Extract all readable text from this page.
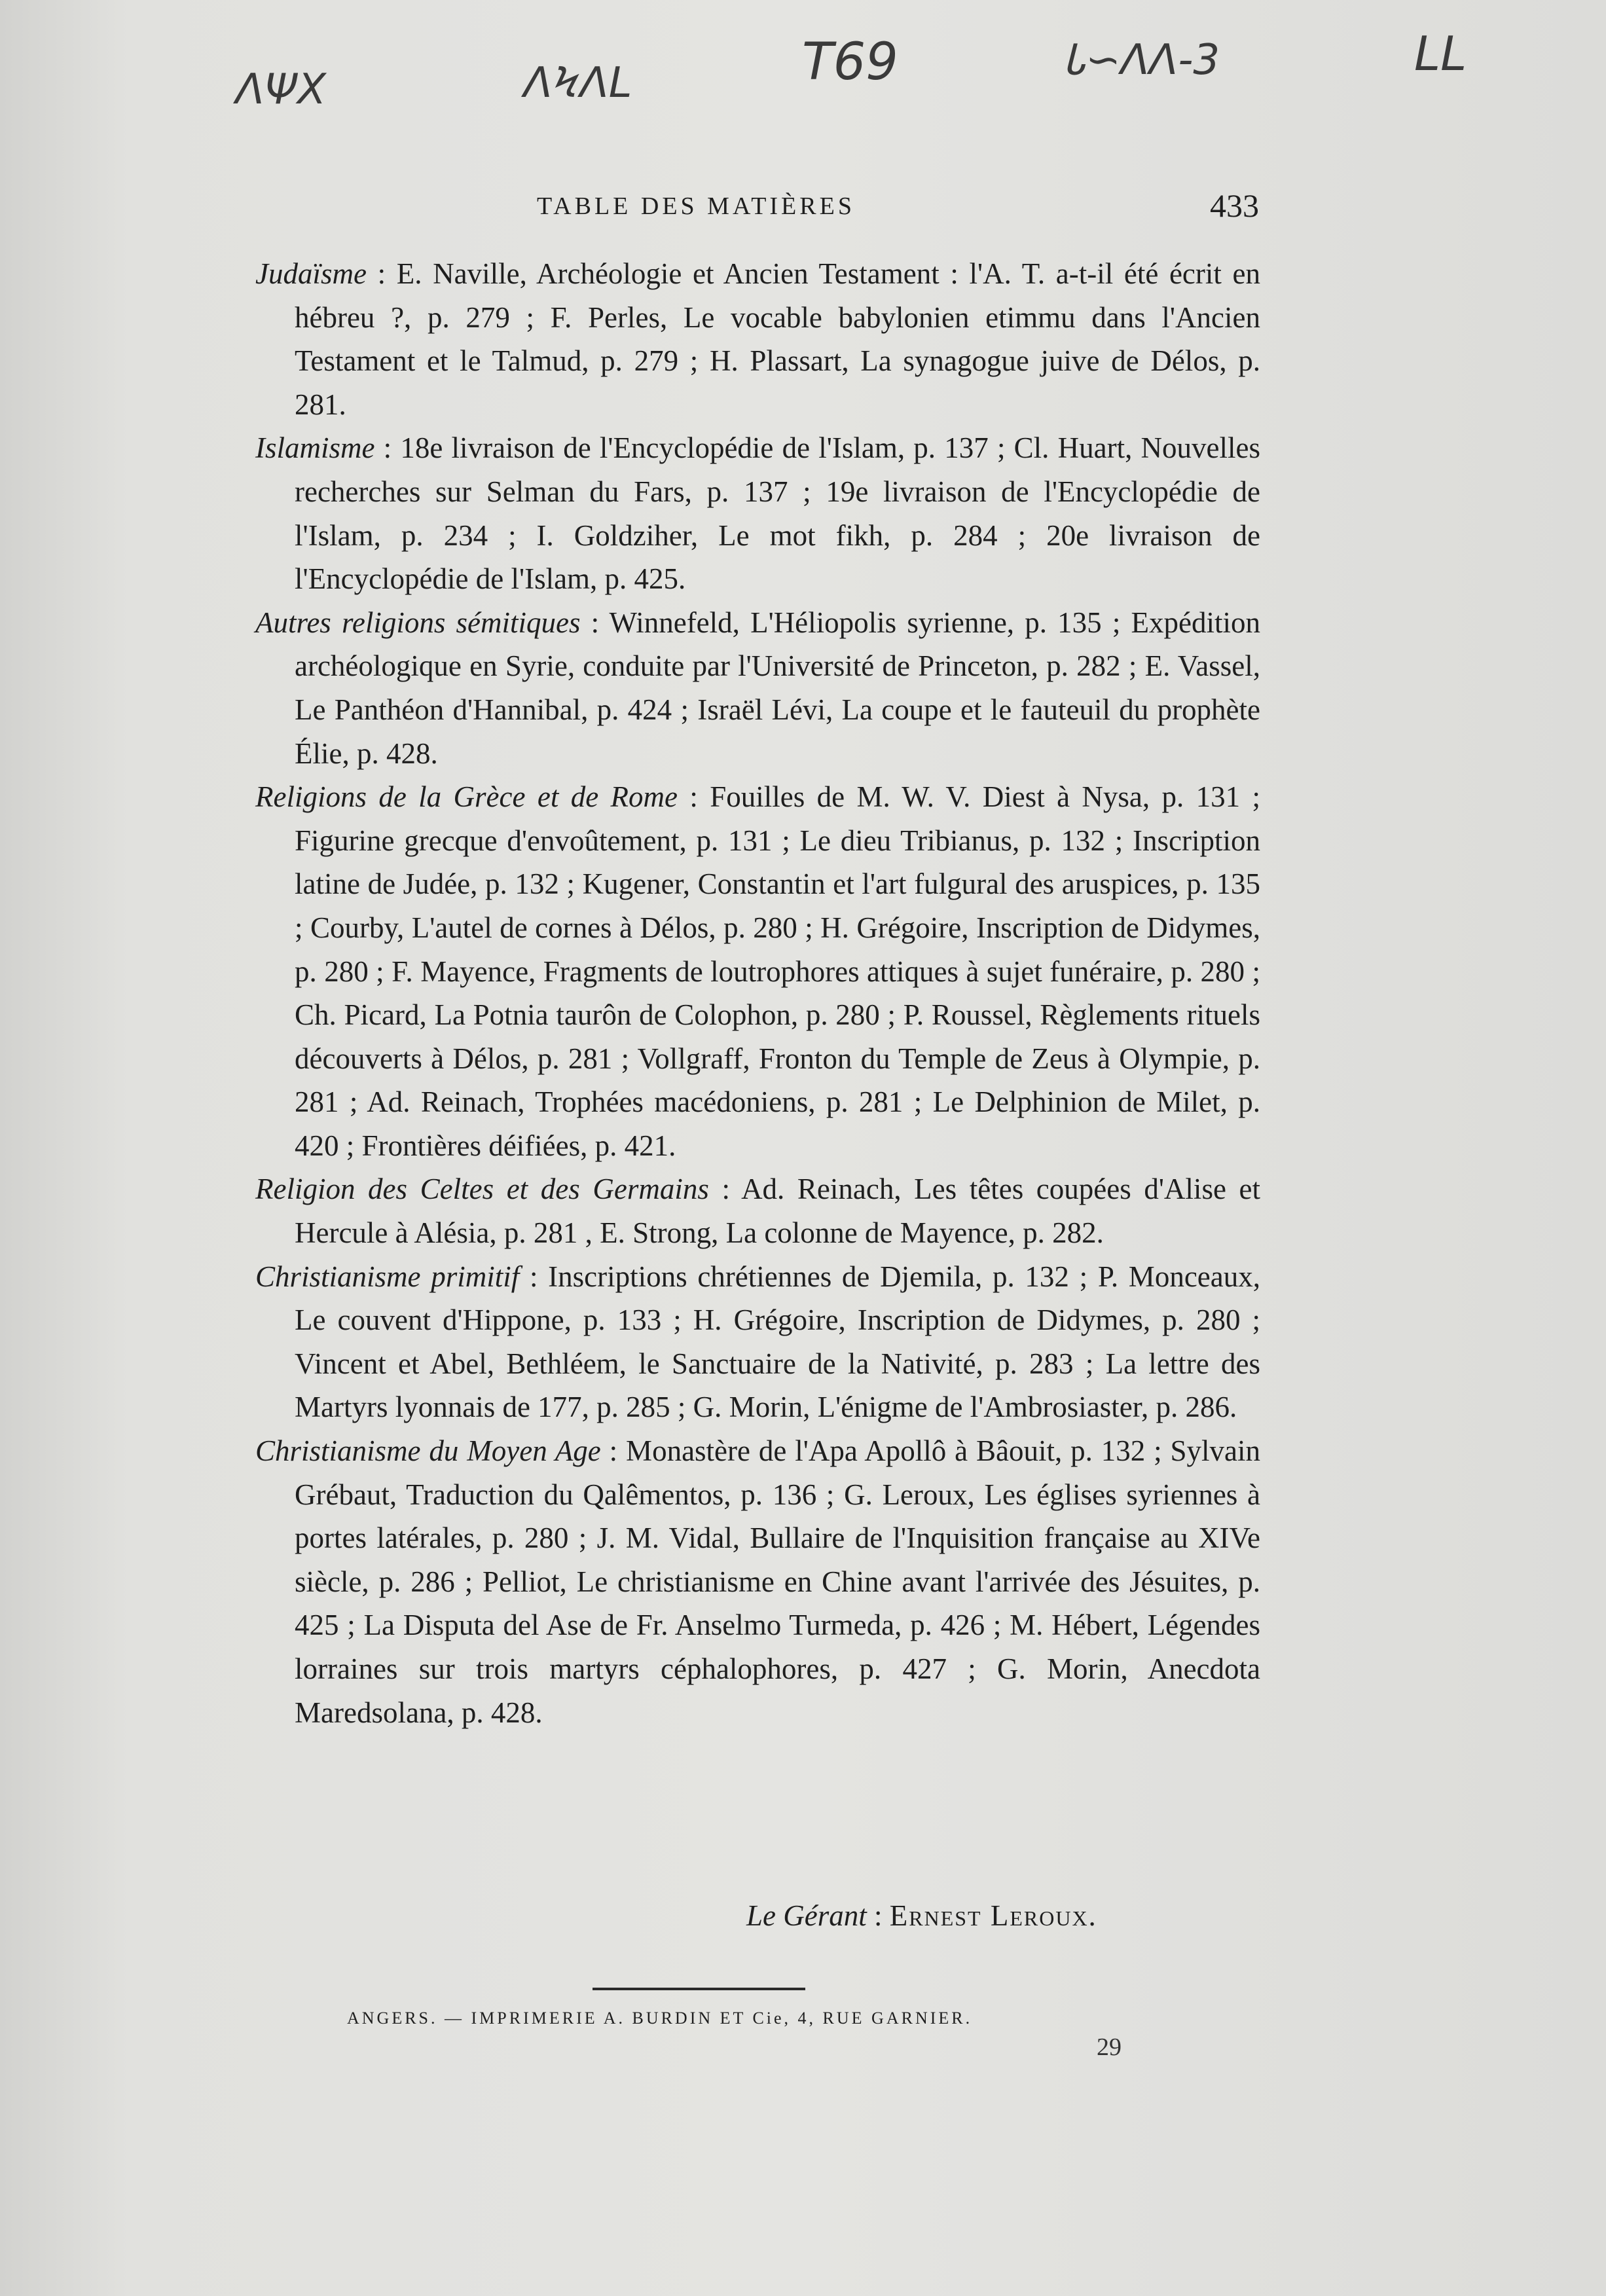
ΛΨΧ	ΛϞΛL	T69	Ꮣ∽ΛΛ-3	LL
TABLE DES MATIÈRES	433

Judaïsme : E. Naville, Archéologie et Ancien Testament : l'A. T. a-t-il été écrit en hébreu ?, p. 279 ; F. Perles, Le vocable babylonien etimmu dans l'Ancien Testament et le Talmud, p. 279 ; H. Plassart, La synagogue juive de Délos, p. 281.

Islamisme : 18e livraison de l'Encyclopédie de l'Islam, p. 137 ; Cl. Huart, Nouvelles recherches sur Selman du Fars, p. 137 ; 19e livraison de l'Encyclopédie de l'Islam, p. 234 ; I. Goldziher, Le mot fikh, p. 284 ; 20e livraison de l'Encyclopédie de l'Islam, p. 425.

Autres religions sémitiques : Winnefeld, L'Héliopolis syrienne, p. 135 ; Expédition archéologique en Syrie, conduite par l'Université de Princeton, p. 282 ; E. Vassel, Le Panthéon d'Hannibal, p. 424 ; Israël Lévi, La coupe et le fauteuil du prophète Élie, p. 428.

Religions de la Grèce et de Rome : Fouilles de M. W. V. Diest à Nysa, p. 131 ; Figurine grecque d'envoûtement, p. 131 ; Le dieu Tribianus, p. 132 ; Inscription latine de Judée, p. 132 ; Kugener, Constantin et l'art fulgural des aruspices, p. 135 ; Courby, L'autel de cornes à Délos, p. 280 ; H. Grégoire, Inscription de Didymes, p. 280 ; F. Mayence, Fragments de loutrophores attiques à sujet funéraire, p. 280 ; Ch. Picard, La Potnia taurôn de Colophon, p. 280 ; P. Roussel, Règlements rituels découverts à Délos, p. 281 ; Vollgraff, Fronton du Temple de Zeus à Olympie, p. 281 ; Ad. Reinach, Trophées macédoniens, p. 281 ; Le Delphinion de Milet, p. 420 ; Frontières déifiées, p. 421.

Religion des Celtes et des Germains : Ad. Reinach, Les têtes coupées d'Alise et Hercule à Alésia, p. 281 , E. Strong, La colonne de Mayence, p. 282.

Christianisme primitif : Inscriptions chrétiennes de Djemila, p. 132 ; P. Monceaux, Le couvent d'Hippone, p. 133 ; H. Grégoire, Inscription de Didymes, p. 280 ; Vincent et Abel, Bethléem, le Sanctuaire de la Nativité, p. 283 ; La lettre des Martyrs lyonnais de 177, p. 285 ; G. Morin, L'énigme de l'Ambrosiaster, p. 286.

Christianisme du Moyen Age : Monastère de l'Apa Apollô à Bâouit, p. 132 ; Sylvain Grébaut, Traduction du Qalêmentos, p. 136 ; G. Leroux, Les églises syriennes à portes latérales, p. 280 ; J. M. Vidal, Bullaire de l'Inquisition française au XIVe siècle, p. 286 ; Pelliot, Le christianisme en Chine avant l'arrivée des Jésuites, p. 425 ; La Disputa del Ase de Fr. Anselmo Turmeda, p. 426 ; M. Hébert, Légendes lorraines sur trois martyrs céphalophores, p. 427 ; G. Morin, Anecdota Maredsolana, p. 428.

Le Gérant : Ernest Leroux.
ANGERS. — IMPRIMERIE A. BURDIN ET Cie, 4, RUE GARNIER.
29
